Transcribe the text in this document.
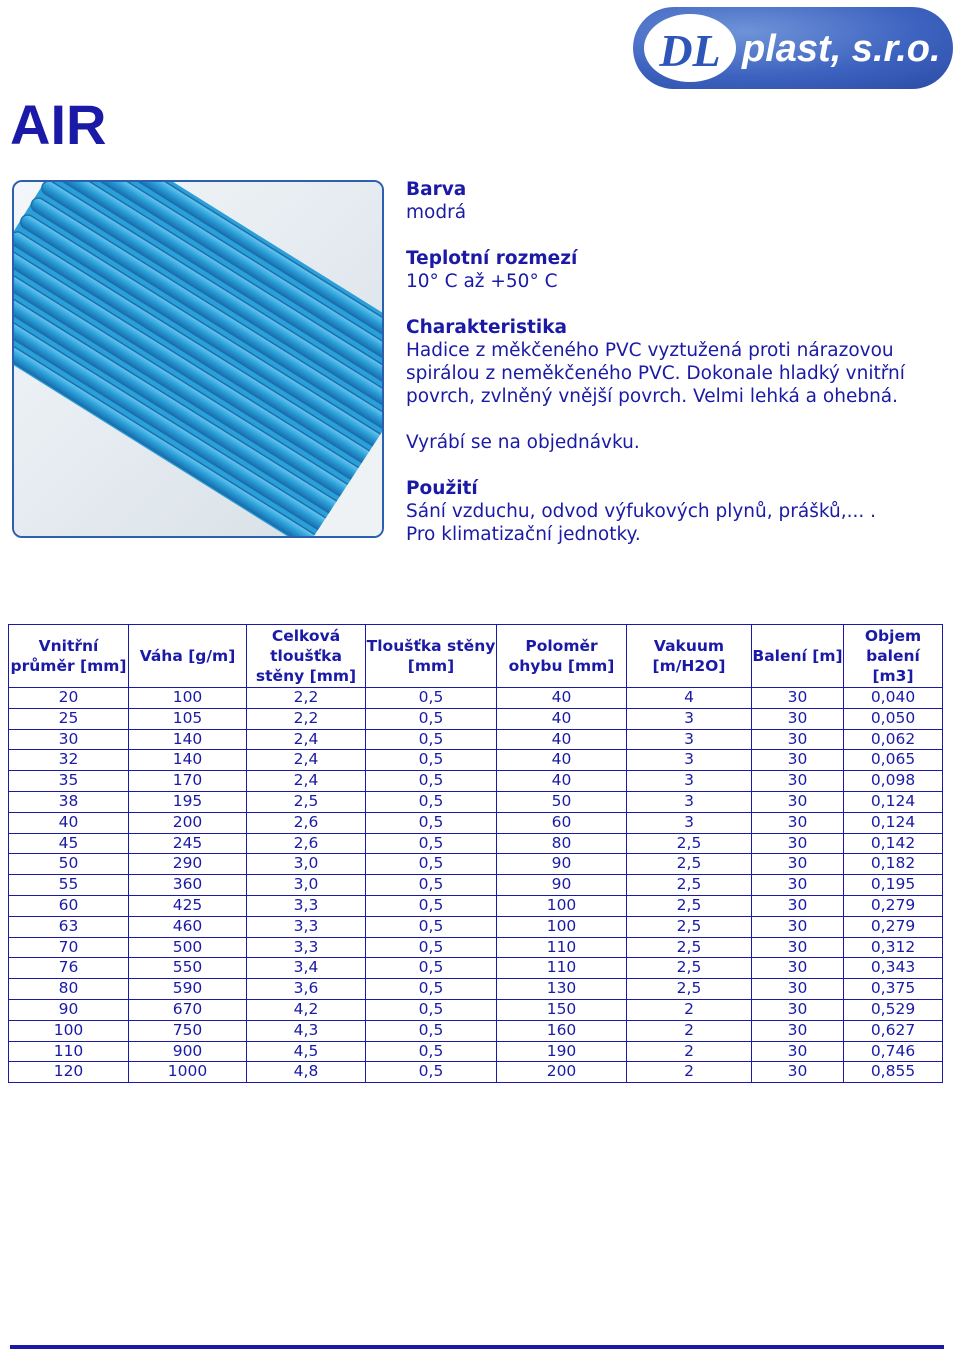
DL plast, s.r.o.
AIR

Barva

modrá

Teplotní rozmezí

10° C až +50° C

Charakteristika

Hadice z měkčeného PVC vyztužená proti nárazovou spirálou z neměkčeného PVC. Dokonale hladký vnitřní povrch, zvlněný vnější povrch. Velmi lehká a ohebná.

Vyrábí se na objednávku.

Použití

Sání vzduchu, odvod výfukových plynů, prášků,... .

Pro klimatizační jednotky.

Vnitřní průměr [mm]	Váha [g/m]	Celková tloušťka stěny [mm]	Tloušťka stěny [mm]	Poloměr ohybu [mm]	Vakuum [m/H2O]	Balení [m]	Objem balení [m3]
20	100	2,2	0,5	40	4	30	0,040
25	105	2,2	0,5	40	3	30	0,050
30	140	2,4	0,5	40	3	30	0,062
32	140	2,4	0,5	40	3	30	0,065
35	170	2,4	0,5	40	3	30	0,098
38	195	2,5	0,5	50	3	30	0,124
40	200	2,6	0,5	60	3	30	0,124
45	245	2,6	0,5	80	2,5	30	0,142
50	290	3,0	0,5	90	2,5	30	0,182
55	360	3,0	0,5	90	2,5	30	0,195
60	425	3,3	0,5	100	2,5	30	0,279
63	460	3,3	0,5	100	2,5	30	0,279
70	500	3,3	0,5	110	2,5	30	0,312
76	550	3,4	0,5	110	2,5	30	0,343
80	590	3,6	0,5	130	2,5	30	0,375
90	670	4,2	0,5	150	2	30	0,529
100	750	4,3	0,5	160	2	30	0,627
110	900	4,5	0,5	190	2	30	0,746
120	1000	4,8	0,5	200	2	30	0,855
